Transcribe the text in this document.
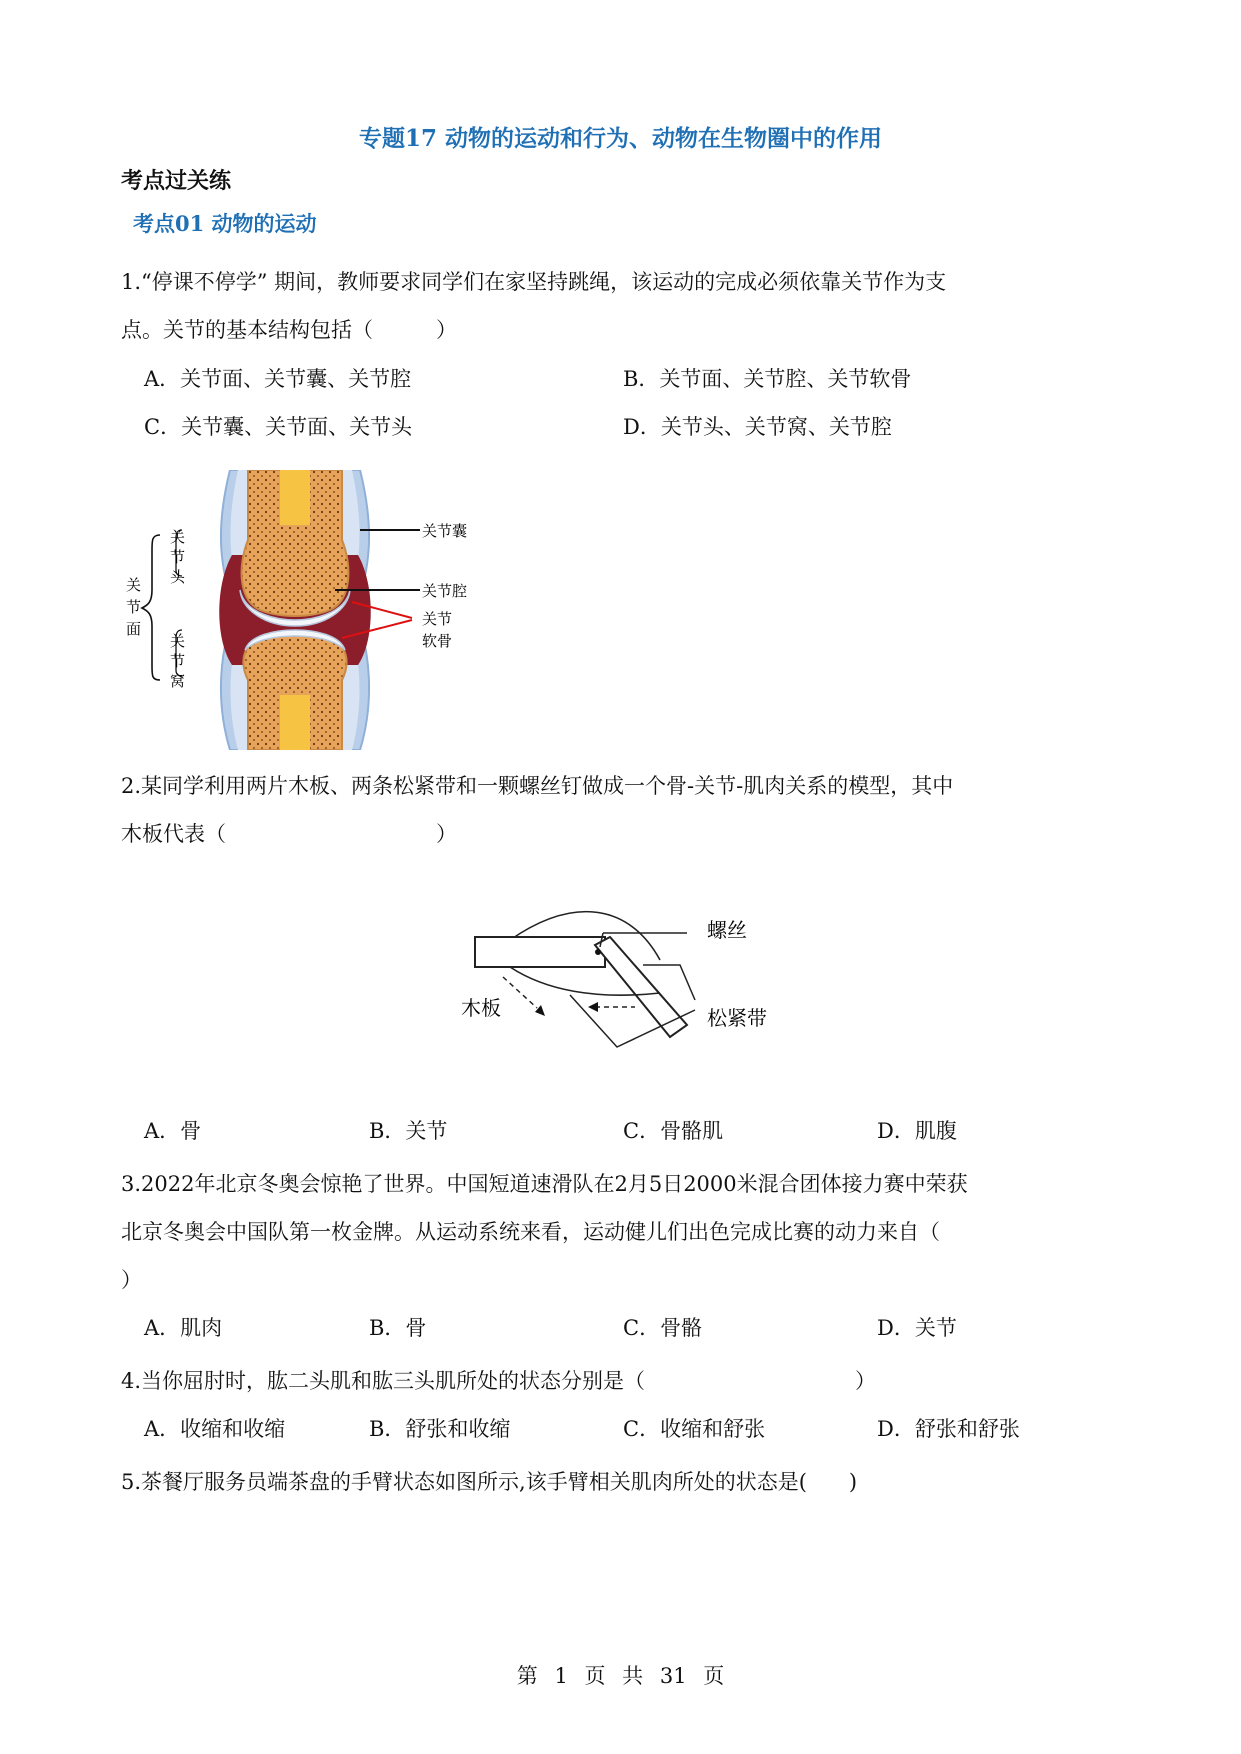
专题17 动物的运动和行为、动物在生物圈中的作用
考点过关练
考点01 动物的运动
1.“停课不停学” 期间，教师要求同学们在家坚持跳绳，该运动的完成必须依靠关节作为支
点。关节的基本结构包括（　　　）
A．关节面、关节囊、关节腔	B．关节面、关节腔、关节软骨
C．关节囊、关节面、关节头	D．关节头、关节窝、关节腔
关
节
头
关
节
窝
关
节
面
关节囊
关节腔
关节
软骨
2.某同学利用两片木板、两条松紧带和一颗螺丝钉做成一个骨-关节-肌肉关系的模型，其中
木板代表（　　　　　　　　　　）
螺丝
木板	松紧带
A．骨	B．关节	C．骨骼肌	D．肌腹
3.2022年北京冬奥会惊艳了世界。中国短道速滑队在2月5日2000米混合团体接力赛中荣获
北京冬奥会中国队第一枚金牌。从运动系统来看，运动健儿们出色完成比赛的动力来自（
）
A．肌肉	B．骨	C．骨骼	D．关节
4.当你屈肘时，肱二头肌和肱三头肌所处的状态分别是（　　　　　　　　　　）
A．收缩和收缩	B．舒张和收缩	C．收缩和舒张	D．舒张和舒张
5.茶餐厅服务员端茶盘的手臂状态如图所示,该手臂相关肌肉所处的状态是(　　)
第 1 页 共 31 页
